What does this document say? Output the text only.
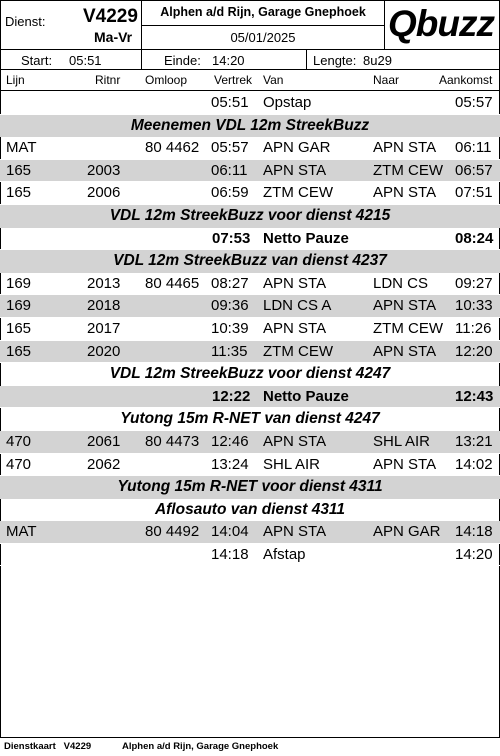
Dienst: V4229
Ma-Vr
Alphen a/d Rijn, Garage Gnephoek
05/01/2025	Qbuzz
Start: 05:51	Einde: 14:20	Lengte: 8u29
Lijn	Ritnr Omloop Vertrek Van	Naar	Aankomst
05:51 Opstap	05:57
Meenemen VDL 12m StreekBuzz
MAT	80 4462 05:57 APN GAR	APN STA 06:11
165	2003	06:11 APN STA	ZTM CEW 06:57
165	2006	06:59 ZTM CEW	APN STA 07:51
VDL 12m StreekBuzz voor dienst 4215
07:53 Netto Pauze	08:24
VDL 12m StreekBuzz van dienst 4237
169	2013 80 4465 08:27 APN STA	LDN CS 09:27
169	2018	09:36 LDN CS A	APN STA 10:33
165	2017	10:39 APN STA	ZTM CEW 11:26
165	2020	11:35 ZTM CEW	APN STA 12:20
VDL 12m StreekBuzz voor dienst 4247
12:22 Netto Pauze	12:43
Yutong 15m R-NET van dienst 4247
470	2061 80 4473 12:46 APN STA	SHL AIR 13:21
470	2062	13:24 SHL AIR	APN STA 14:02
Yutong 15m R-NET voor dienst 4311
Aflosauto van dienst 4311
MAT	80 4492 14:04 APN STA	APN GAR 14:18
14:18 Afstap	14:20
Dienstkaart V4229	Alphen a/d Rijn, Garage Gnephoek
